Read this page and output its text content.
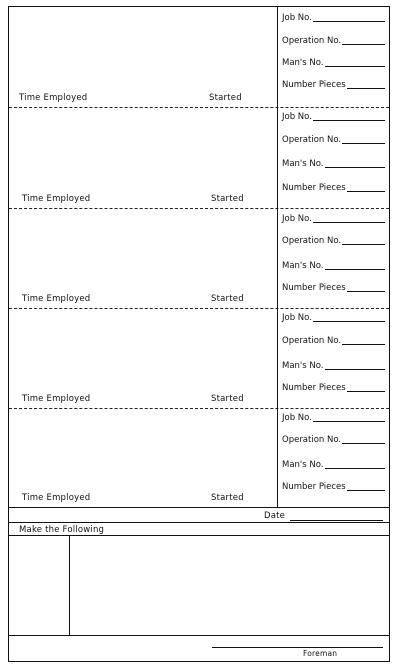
Time Employed	Started
Job No.
Operation No.
Man's No.
Number Pieces
Time Employed	Started
Job No.
Operation No.
Man's No.
Number Pieces
Time Employed	Started
Job No.
Operation No.
Man's No.
Number Pieces
Time Employed	Started
Job No.
Operation No.
Man's No.
Number Pieces
Time Employed	Started
Job No.
Operation No.
Man's No.
Number Pieces
Date
Make the Following
Foreman
